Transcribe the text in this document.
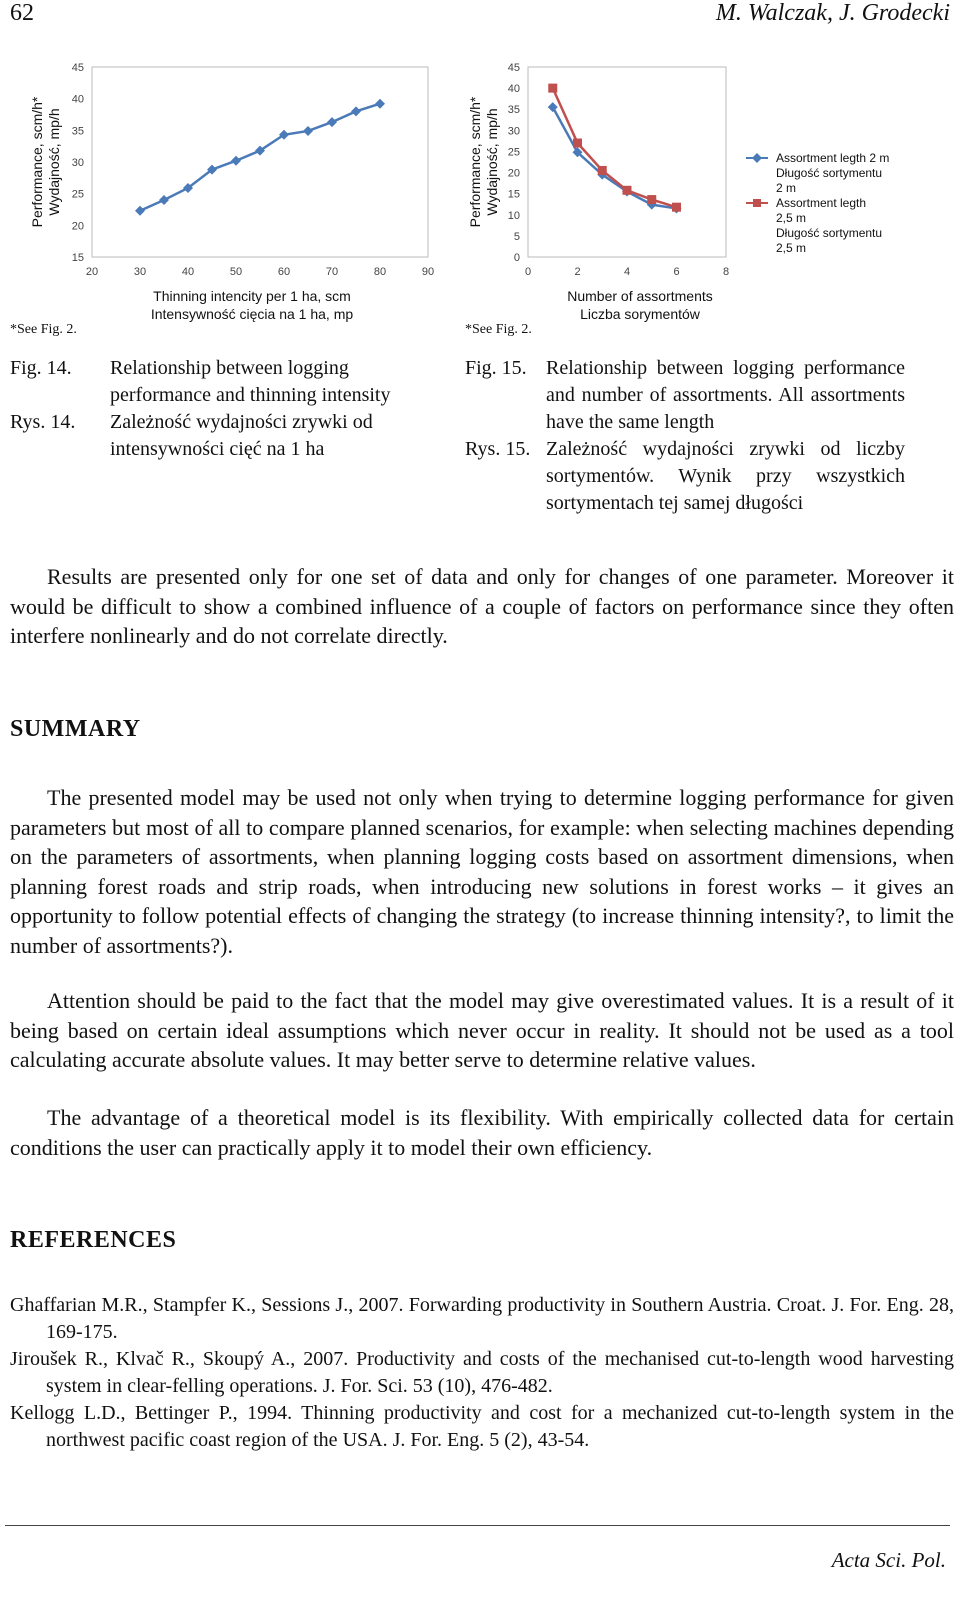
62	M. Walczak, J. Grodecki
15
20
25
30
35
40
45
20	30	40	50	60	70	80	90
Performance, scm/h* Wydajność, mp/h
Thinning intencity per 1 ha, scm
Intensywność cięcia na 1 ha, mp
*See Fig. 2.
Fig. 14. Relationship between logging performance and thinning intensity
Rys. 14. Zależność wydajności zrywki od intensywności cięć na 1 ha
0
5
10
15
20
25
30
35
40
45
0	2	4	6	8
Performance, scm/h* Wydajność, mp/h
Number of assortments
Liczba sorymentów
Assortment legth 2 m
Długość sortymentu
2 m
Assortment legth
2,5 m
Długość sortymentu
2,5 m
*See Fig. 2.
Fig. 15. Relationship between logging performance and number of assortments. All assortments have the same length
Rys. 15. Zależność wydajności zrywki od liczby sortymentów. Wynik przy wszystkich sortymentach tej samej długości
Results are presented only for one set of data and only for changes of one parameter. Moreover it would be difficult to show a combined influence of a couple of factors on performance since they often interfere nonlinearly and do not correlate directly.
SUMMARY
The presented model may be used not only when trying to determine logging performance for given parameters but most of all to compare planned scenarios, for example: when selecting machines depending on the parameters of assortments, when planning logging costs based on assortment dimensions, when planning forest roads and strip roads, when introducing new solutions in forest works – it gives an opportunity to follow potential effects of changing the strategy (to increase thinning intensity?, to limit the number of assortments?).
Attention should be paid to the fact that the model may give overestimated values. It is a result of it being based on certain ideal assumptions which never occur in reality. It should not be used as a tool calculating accurate absolute values. It may better serve to determine relative values.
The advantage of a theoretical model is its flexibility. With empirically collected data for certain conditions the user can practically apply it to model their own efficiency.
REFERENCES
Ghaffarian M.R., Stampfer K., Sessions J., 2007. Forwarding productivity in Southern Austria. Croat. J. For. Eng. 28, 169-175.
Jiroušek R., Klvač R., Skoupý A., 2007. Productivity and costs of the mechanised cut-to-length wood harvesting system in clear-felling operations. J. For. Sci. 53 (10), 476-482.
Kellogg L.D., Bettinger P., 1994. Thinning productivity and cost for a mechanized cut-to-length system in the northwest pacific coast region of the USA. J. For. Eng. 5 (2), 43-54.
Acta Sci. Pol.
